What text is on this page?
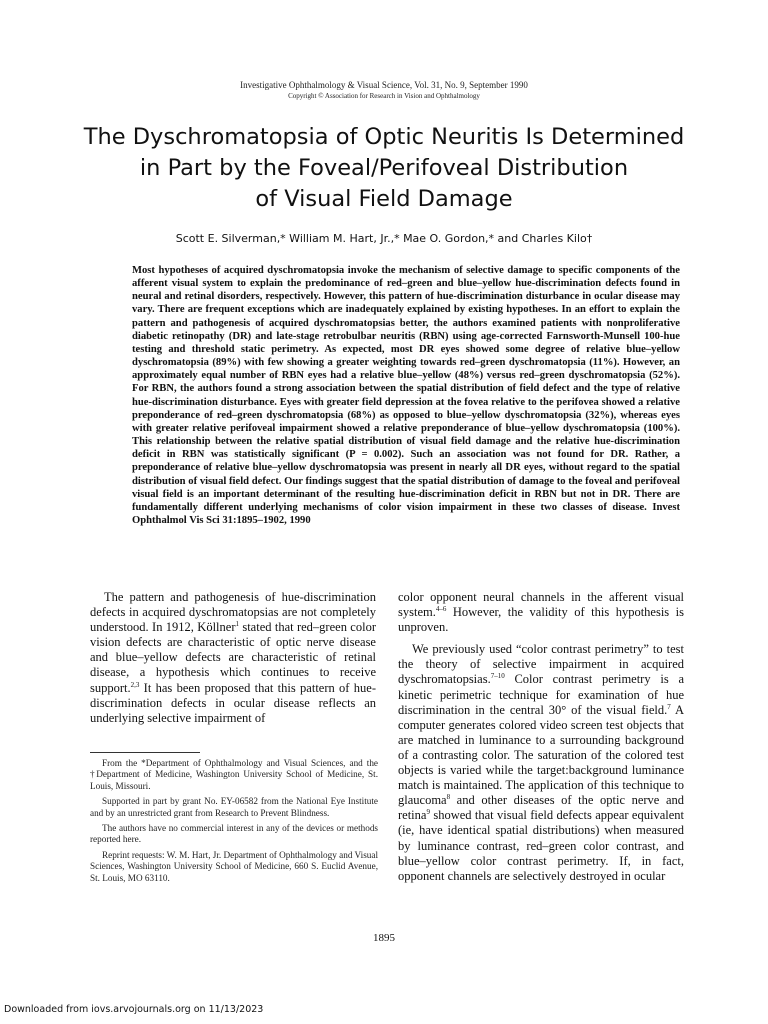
Investigative Ophthalmology & Visual Science, Vol. 31, No. 9, September 1990
Copyright © Association for Research in Vision and Ophthalmology
The Dyschromatopsia of Optic Neuritis Is Determined
in Part by the Foveal/Perifoveal Distribution
of Visual Field Damage
Scott E. Silverman,* William M. Hart, Jr.,* Mae O. Gordon,* and Charles Kilo†

Most hypotheses of acquired dyschromatopsia invoke the mechanism of selective damage to specific components of the afferent visual system to explain the predominance of red–green and blue–yellow hue-discrimination defects found in neural and retinal disorders, respectively. However, this pattern of hue-discrimination disturbance in ocular disease may vary. There are frequent exceptions which are inadequately explained by existing hypotheses. In an effort to explain the pattern and pathogenesis of acquired dyschromatopsias better, the authors examined patients with nonproliferative diabetic retinopathy (DR) and late-stage retrobulbar neuritis (RBN) using age-corrected Farnsworth-Munsell 100-hue testing and threshold static perimetry. As expected, most DR eyes showed some degree of relative blue–yellow dyschromatopsia (89%) with few showing a greater weighting towards red–green dyschromatopsia (11%). However, an approximately equal number of RBN eyes had a relative blue–yellow (48%) versus red–green dyschromatopsia (52%). For RBN, the authors found a strong association between the spatial distribution of field defect and the type of relative hue-discrimination disturbance. Eyes with greater field depression at the fovea relative to the perifovea showed a relative preponderance of red–green dyschromatopsia (68%) as opposed to blue–yellow dyschromatopsia (32%), whereas eyes with greater relative perifoveal impairment showed a relative preponderance of blue–yellow dyschromatopsia (100%). This relationship between the relative spatial distribution of visual field damage and the relative hue-discrimination deficit in RBN was statistically significant (P = 0.002). Such an association was not found for DR. Rather, a preponderance of relative blue–yellow dyschromatopsia was present in nearly all DR eyes, without regard to the spatial distribution of visual field defect. Our findings suggest that the spatial distribution of damage to the foveal and perifoveal visual field is an important determinant of the resulting hue-discrimination deficit in RBN but not in DR. There are fundamentally different underlying mechanisms of color vision impairment in these two classes of disease. Invest Ophthalmol Vis Sci 31:1895–1902, 1990

The pattern and pathogenesis of hue-discrimination defects in acquired dyschromatopsias are not completely understood. In 1912, Köllner$^1$ stated that red–green color vision defects are characteristic of optic nerve disease and blue–yellow defects are characteristic of retinal disease, a hypothesis which continues to receive support.$^{2,3}$ It has been proposed that this pattern of hue-discrimination defects in ocular disease reflects an underlying selective impairment of

From the *Department of Ophthalmology and Visual Sciences, and the †Department of Medicine, Washington University School of Medicine, St. Louis, Missouri.

Supported in part by grant No. EY-06582 from the National Eye Institute and by an unrestricted grant from Research to Prevent Blindness.

The authors have no commercial interest in any of the devices or methods reported here.

Reprint requests: W. M. Hart, Jr. Department of Ophthalmology and Visual Sciences, Washington University School of Medicine, 660 S. Euclid Avenue, St. Louis, MO 63110.

color opponent neural channels in the afferent visual system.$^{4-6}$ However, the validity of this hypothesis is unproven.

We previously used “color contrast perimetry” to test the theory of selective impairment in acquired dyschromatopsias.$^{7-10}$ Color contrast perimetry is a kinetic perimetric technique for examination of hue discrimination in the central 30° of the visual field.$^7$ A computer generates colored video screen test objects that are matched in luminance to a surrounding background of a contrasting color. The saturation of the colored test objects is varied while the target:background luminance match is maintained. The application of this technique to glaucoma$^8$ and other diseases of the optic nerve and retina$^9$ showed that visual field defects appear equivalent (ie, have identical spatial distributions) when measured by luminance contrast, red–green color contrast, and blue–yellow color contrast perimetry. If, in fact, opponent channels are selectively destroyed in ocular

1895
Downloaded from iovs.arvojournals.org on 11/13/2023
